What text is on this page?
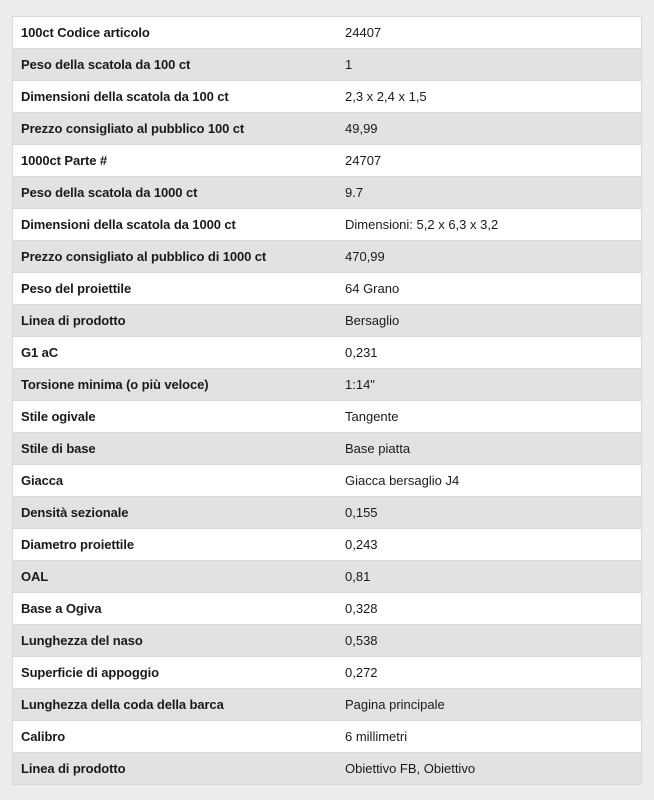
100ct Codice articolo	24407
Peso della scatola da 100 ct	1
Dimensioni della scatola da 100 ct	2,3 x 2,4 x 1,5
Prezzo consigliato al pubblico 100 ct	49,99
1000ct Parte #	24707
Peso della scatola da 1000 ct	9.7
Dimensioni della scatola da 1000 ct	Dimensioni: 5,2 x 6,3 x 3,2
Prezzo consigliato al pubblico di 1000 ct	470,99
Peso del proiettile	64 Grano
Linea di prodotto	Bersaglio
G1 aC	0,231
Torsione minima (o più veloce)	1:14"
Stile ogivale	Tangente
Stile di base	Base piatta
Giacca	Giacca bersaglio J4
Densità sezionale	0,155
Diametro proiettile	0,243
OAL	0,81
Base a Ogiva	0,328
Lunghezza del naso	0,538
Superficie di appoggio	0,272
Lunghezza della coda della barca	Pagina principale
Calibro	6 millimetri
Linea di prodotto	Obiettivo FB, Obiettivo
